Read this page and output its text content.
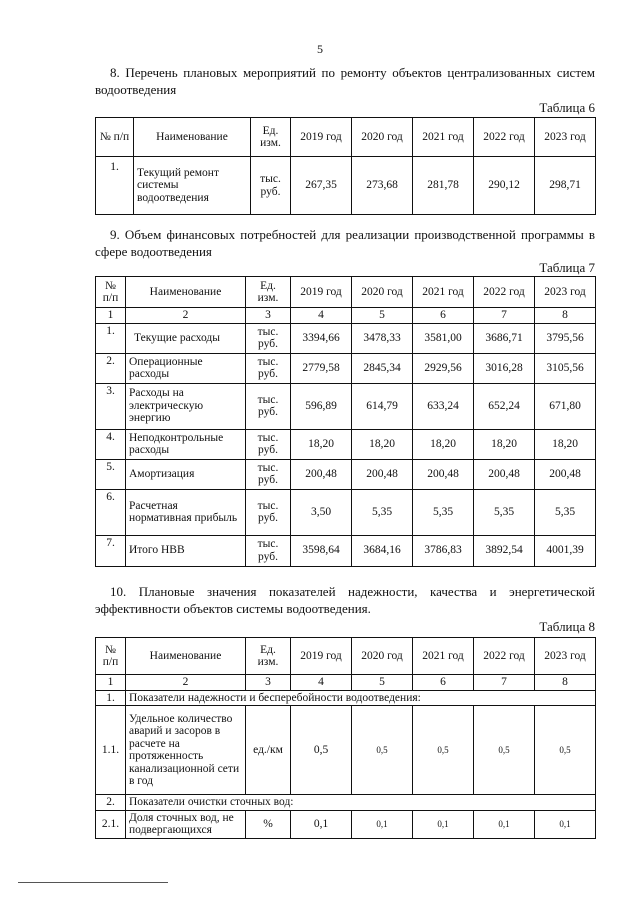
5

8. Перечень плановых мероприятий по ремонту объектов централизованных систем водоотведения

Таблица 6
№ п/п	Наименование	Ед. изм.	2019 год	2020 год	2021 год	2022 год	2023 год
1.	Текущий ремонт системы водоотведения	тыс. руб.	267,35	273,68	281,78	290,12	298,71

9. Объем финансовых потребностей для реализации производственной программы в сфере водоотведения

Таблица 7
№ п/п	Наименование	Ед. изм.	2019 год	2020 год	2021 год	2022 год	2023 год
1	2	3	4	5	6	7	8
1.	Текущие расходы	тыс. руб.	3394,66	3478,33	3581,00	3686,71	3795,56
2.	Операционные расходы	тыс. руб.	2779,58	2845,34	2929,56	3016,28	3105,56
3.	Расходы на электрическую энергию	тыс. руб.	596,89	614,79	633,24	652,24	671,80
4.	Неподконтрольные расходы	тыс. руб.	18,20	18,20	18,20	18,20	18,20
5.	Амортизация	тыс. руб.	200,48	200,48	200,48	200,48	200,48
6.	Расчетная нормативная прибыль	тыс. руб.	3,50	5,35	5,35	5,35	5,35
7.	Итого НВВ	тыс. руб.	3598,64	3684,16	3786,83	3892,54	4001,39

10. Плановые значения показателей надежности, качества и энергетической эффективности объектов системы водоотведения.

Таблица 8
№ п/п	Наименование	Ед. изм.	2019 год	2020 год	2021 год	2022 год	2023 год
1	2	3	4	5	6	7	8
1.	Показатели надежности и бесперебойности водоотведения:						
1.1.	Удельное количество аварий и засоров в расчете на протяженность канализационной сети в год	ед./км	0,5	0,5	0,5	0,5	0,5
2.	Показатели очистки сточных вод:						
2.1.	Доля сточных вод, не подвергающихся	%	0,1	0,1	0,1	0,1	0,1
